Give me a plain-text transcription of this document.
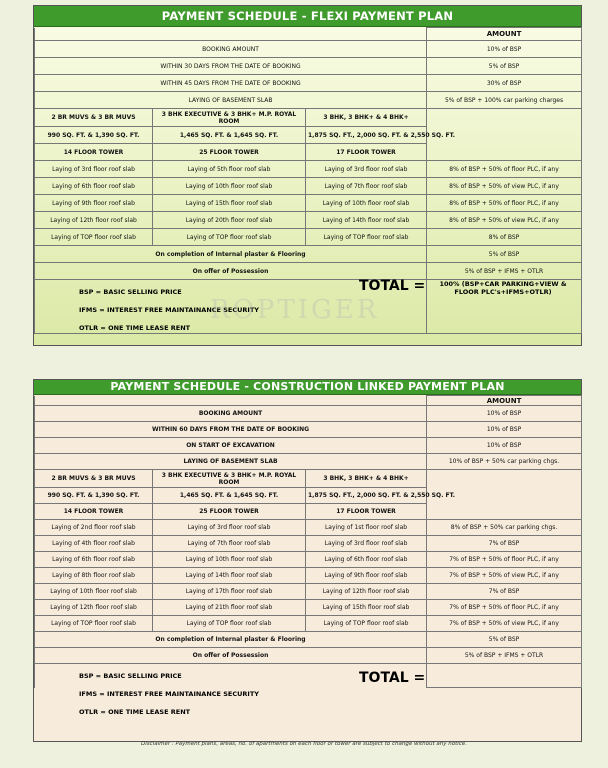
PAYMENT SCHEDULE - FLEXI PAYMENT PLAN
			AMOUNT
BOOKING AMOUNT			10% of BSP
WITHIN 30 DAYS FROM THE DATE OF BOOKING			5% of BSP
WITHIN 45 DAYS FROM THE DATE OF BOOKING			30% of BSP
LAYING OF BASEMENT SLAB			5% of BSP + 100% car parking charges
2 BR MUVS & 3 BR MUVS	3 BHK EXECUTIVE & 3 BHK+ M.P. ROYAL ROOM	3 BHK, 3 BHK+ & 4 BHK+	
990 SQ. FT. & 1,390 SQ. FT.	1,465 SQ. FT. & 1,645 SQ. FT.	1,875 SQ. FT., 2,000 SQ. FT. & 2,550 SQ. FT.	
14 FLOOR TOWER	25 FLOOR TOWER	17 FLOOR TOWER	
Laying of 3rd floor roof slab	Laying of 5th floor roof slab	Laying of 3rd floor roof slab	8% of BSP + 50% of floor PLC, if any
Laying of 6th floor roof slab	Laying of 10th floor roof slab	Laying of 7th floor roof slab	8% of BSP + 50% of view PLC, if any
Laying of 9th floor roof slab	Laying of 15th floor roof slab	Laying of 10th floor roof slab	8% of BSP + 50% of floor PLC, if any
Laying of 12th floor roof slab	Laying of 20th floor roof slab	Laying of 14th floor roof slab	8% of BSP + 50% of view PLC, if any
Laying of TOP floor roof slab	Laying of TOP floor roof slab	Laying of TOP floor roof slab	8% of BSP
On completion of Internal plaster & Flooring			5% of BSP
On offer of Possession			5% of BSP + IFMS + OTLR

BSP = BASIC SELLING PRICE
IFMS = INTEREST FREE MAINTAINANCE SECURITY
OTLR = ONE TIME LEASE RENT
TOTAL =	100% (BSP+CAR PARKING+VIEW & FLOOR PLC's+IFMS+OTLR)
PAYMENT SCHEDULE - CONSTRUCTION LINKED PAYMENT PLAN
			AMOUNT
BOOKING AMOUNT			10% of BSP
WITHIN 60 DAYS FROM THE DATE OF BOOKING			10% of BSP
ON START OF EXCAVATION			10% of BSP
LAYING OF BASEMENT SLAB			10% of BSP + 50% car parking chgs.
2 BR MUVS & 3 BR MUVS	3 BHK EXECUTIVE & 3 BHK+ M.P. ROYAL ROOM	3 BHK, 3 BHK+ & 4 BHK+	
990 SQ. FT. & 1,390 SQ. FT.	1,465 SQ. FT. & 1,645 SQ. FT.	1,875 SQ. FT., 2,000 SQ. FT. & 2,550 SQ. FT.	
14 FLOOR TOWER	25 FLOOR TOWER	17 FLOOR TOWER	
Laying of 2nd floor roof slab	Laying of 3rd floor roof slab	Laying of 1st floor roof slab	8% of BSP + 50% car parking chgs.
Laying of 4th floor roof slab	Laying of 7th floor roof slab	Laying of 3rd floor roof slab	7% of BSP
Laying of 6th floor roof slab	Laying of 10th floor roof slab	Laying of 6th floor roof slab	7% of BSP + 50% of floor PLC, if any
Laying of 8th floor roof slab	Laying of 14th floor roof slab	Laying of 9th floor roof slab	7% of BSP + 50% of view PLC, if any
Laying of 10th floor roof slab	Laying of 17th floor roof slab	Laying of 12th floor roof slab	7% of BSP
Laying of 12th floor roof slab	Laying of 21th floor roof slab	Laying of 15th floor roof slab	7% of BSP + 50% of floor PLC, if any
Laying of TOP floor roof slab	Laying of TOP floor roof slab	Laying of TOP floor roof slab	7% of BSP + 50% of view PLC, if any
On completion of Internal plaster & Flooring			5% of BSP
On offer of Possession			5% of BSP + IFMS + OTLR

BSP = BASIC SELLING PRICE
IFMS = INTEREST FREE MAINTAINANCE SECURITY
OTLR = ONE TIME LEASE RENT
TOTAL =
ROPTIGER
Disclaimer : Payment plans, areas, no. of apartments on each floor or tower are subject to change without any notice.
